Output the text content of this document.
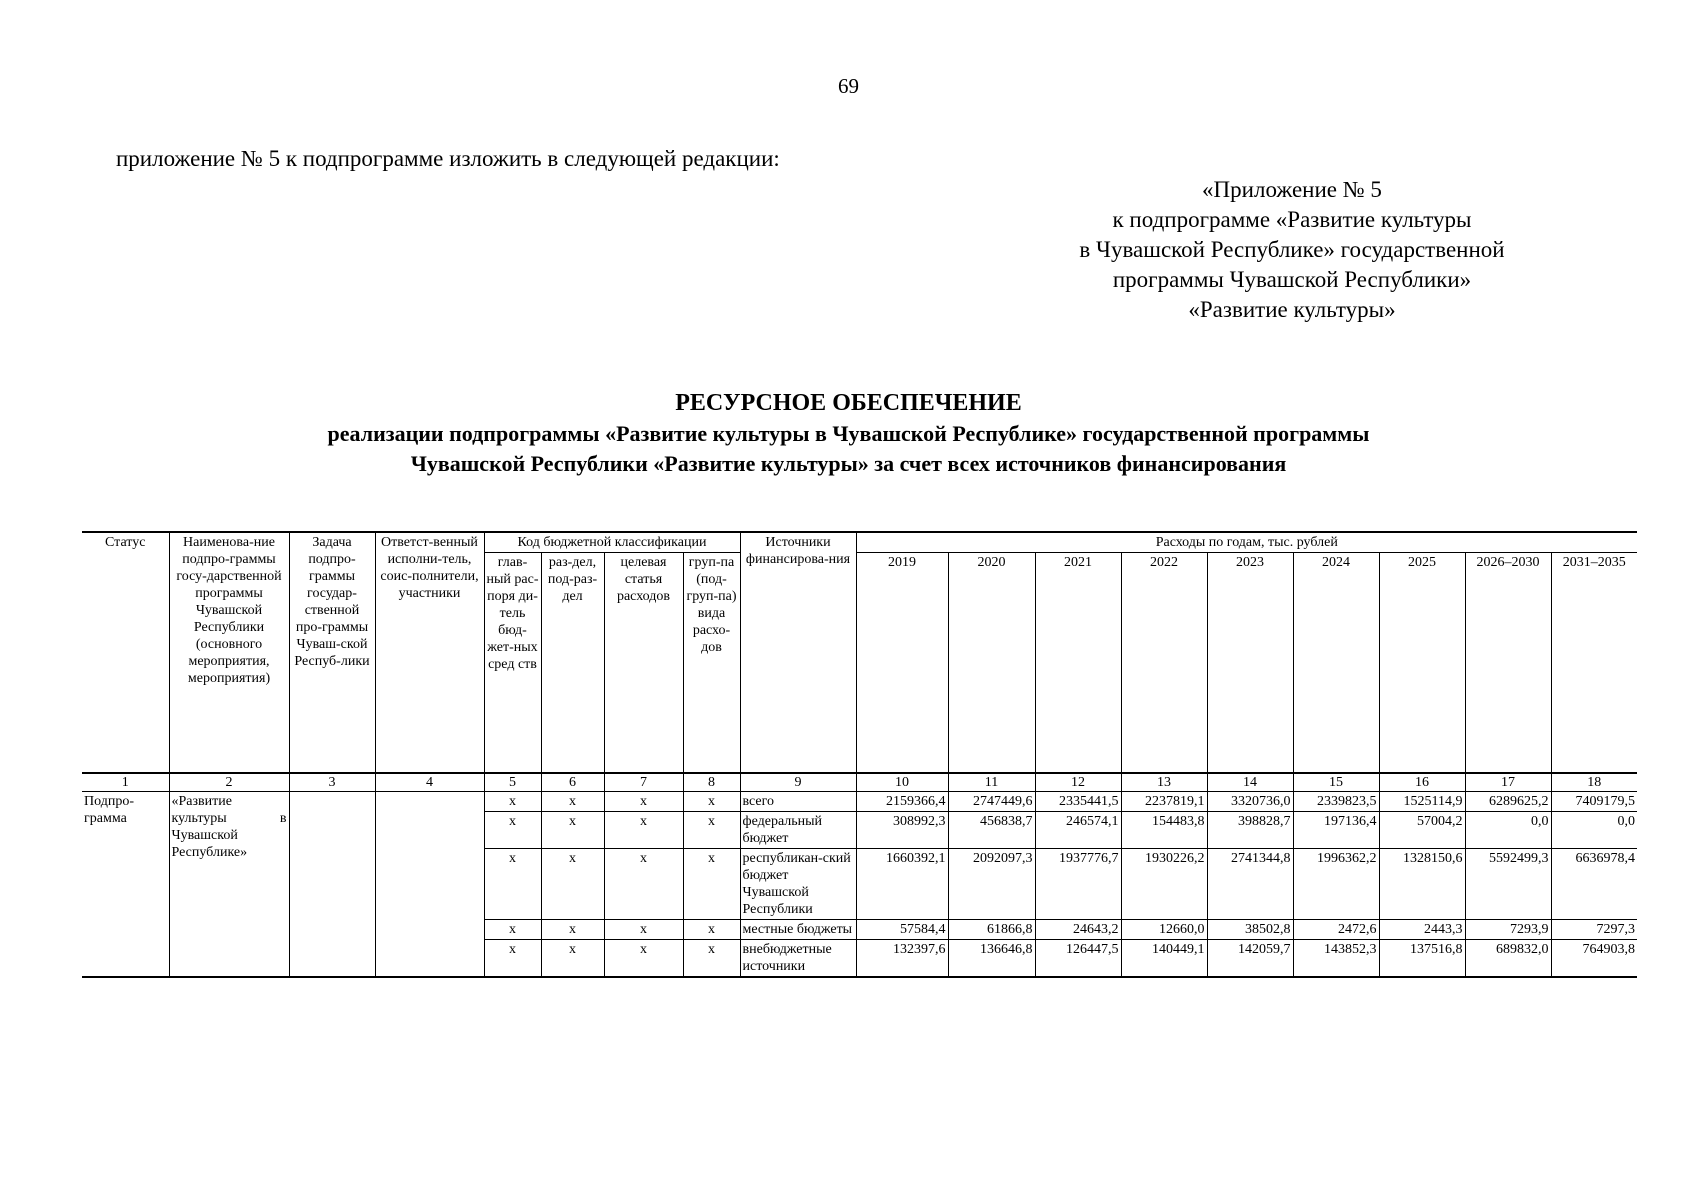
69
приложение № 5 к подпрограмме изложить в следующей редакции:
«Приложение № 5
к подпрограмме «Развитие культуры
в Чувашской Республике» государственной
программы Чувашской Республики»
«Развитие культуры»
РЕСУРСНОЕ ОБЕСПЕЧЕНИЕ
реализации подпрограммы «Развитие культуры в Чувашской Республике» государственной программы
Чувашской Республики «Развитие культуры» за счет всех источников финансирования
Статус	Наименова-ние подпро-граммы госу-дарственной программы Чувашской Республики (основного мероприятия, мероприятия)	Задача подпро-граммы государ-ственной про-граммы Чуваш-ской Респуб-лики	Ответст-венный исполни-тель, соис-полнители, участники	Код бюджетной классификации				Источники финансирова-ния	Расходы по годам, тыс. рублей								
				глав-ный рас-поря ди-тель бюд-жет-ных сред ств	раз-дел, под-раз-дел	целевая статья расходов	груп-па (под-груп-па) вида расхо-дов		2019	2020	2021	2022	2023	2024	2025	2026–2030	2031–2035
1	2	3	4	5	6	7	8	9	10	11	12	13	14	15	16	17	18
Подпро-грамма	«Развитие культуры в Чувашской Республике»			х	х	х	х	всего	2159366,4	2747449,6	2335441,5	2237819,1	3320736,0	2339823,5	1525114,9	6289625,2	7409179,5
				х	х	х	х	федеральный бюджет	308992,3	456838,7	246574,1	154483,8	398828,7	197136,4	57004,2	0,0	0,0
				х	х	х	х	республикан-ский бюджет Чувашской Республики	1660392,1	2092097,3	1937776,7	1930226,2	2741344,8	1996362,2	1328150,6	5592499,3	6636978,4
				х	х	х	х	местные бюджеты	57584,4	61866,8	24643,2	12660,0	38502,8	2472,6	2443,3	7293,9	7297,3
				х	х	х	х	внебюджетные источники	132397,6	136646,8	126447,5	140449,1	142059,7	143852,3	137516,8	689832,0	764903,8
